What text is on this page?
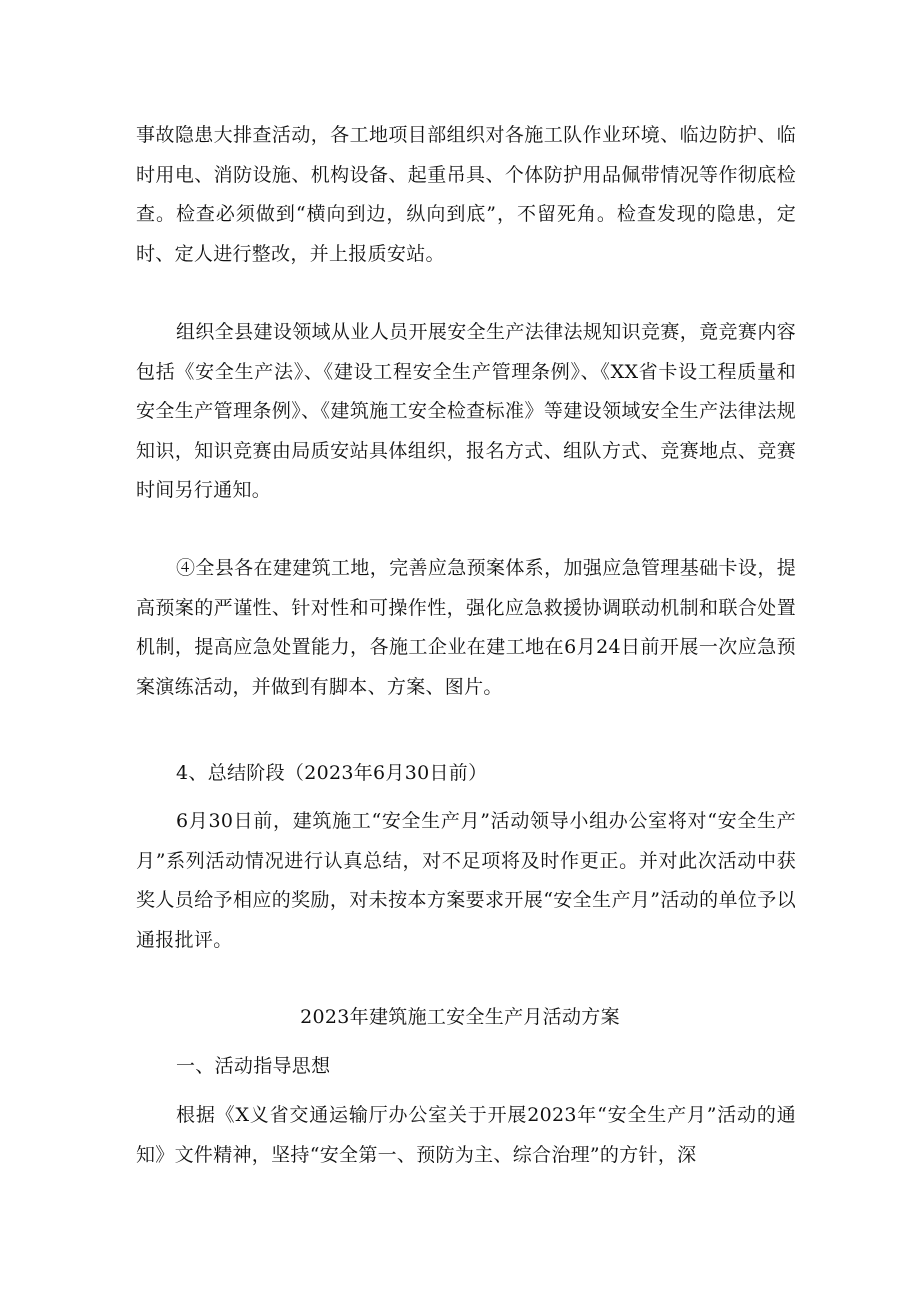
事故隐患大排查活动，各工地项目部组织对各施工队作业环境、临边防护、临时用电、消防设施、机构设备、起重吊具、个体防护用品佩带情况等作彻底检查。检查必须做到“横向到边，纵向到底”，不留死角。检查发现的隐患，定时、定人进行整改，并上报质安站。

组织全县建设领域从业人员开展安全生产法律法规知识竞赛，竟竞赛内容包括《安全生产法》、《建设工程安全生产管理条例》、《XX省卡设工程质量和安全生产管理条例》、《建筑施工安全检查标准》等建设领域安全生产法律法规知识，知识竞赛由局质安站具体组织，报名方式、组队方式、竞赛地点、竞赛时间另行通知。

④全县各在建建筑工地，完善应急预案体系，加强应急管理基础卡设，提高预案的严谨性、针对性和可操作性，强化应急救援协调联动机制和联合处置机制，提高应急处置能力，各施工企业在建工地在6月24日前开展一次应急预案演练活动，并做到有脚本、方案、图片。

4、总结阶段（2023年6月30日前）

6月30日前，建筑施工“安全生产月”活动领导小组办公室将对“安全生产月”系列活动情况进行认真总结，对不足项将及时作更正。并对此次活动中获奖人员给予相应的奖励，对未按本方案要求开展“安全生产月”活动的单位予以通报批评。

2023年建筑施工安全生产月活动方案

一、活动指导思想

根据《X义省交通运输厅办公室关于开展2023年“安全生产月”活动的通知》文件精神，坚持“安全第一、预防为主、综合治理”的方针，深
